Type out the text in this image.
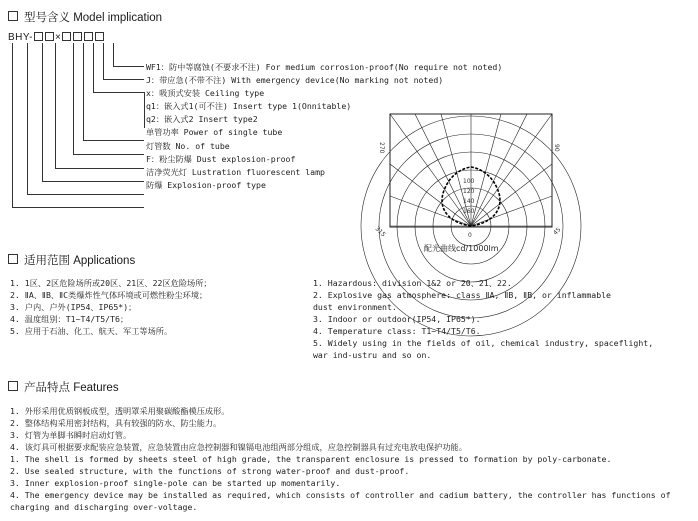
型号含义 Model implication
BHY- ×
WF1：防中等腐蚀(不要求不注) For medium corrosion-proof(No require not noted)
J：带应急(不带不注) With emergency device(No marking not noted)
x：吸顶式安装 Ceiling type
q1：嵌入式1(可不注) Insert type 1(Onnitable)
q2：嵌入式2 Insert type2
单管功率 Power of single tube
灯管数 No. of tube
F：粉尘防爆 Dust explosion-proof
洁净荧光灯 Lustration fluorescent lamp
防爆 Explosion-proof type
160
140
120
100
270	90
315	0	45
配光曲线cd/1000lm
适用范围 Applications
1. 1区、2区危险场所或20区、21区、22区危险场所；
2. ⅡA、ⅡB、ⅡC类爆炸性气体环境或可燃性粉尘环境；
3. 户内、户外(IP54、IP65*)；
4. 温度组别：T1~T4/T5/T6；
5. 应用于石油、化工、航天、军工等场所。
1. Hazardous: division 1&2 or 20、21、22.
2. Explosive gas atmosphere: class ⅡA, ⅡB, ⅡB, or inflammable
dust environment.
3. Indoor or outdoor(IP54, IP65*).
4. Temperature class: T1~T4/T5/T6.
5. Widely using in the fields of oil, chemical industry, spaceflight,
war ind-ustru and so on.
产品特点 Features
1. 外形采用优质钢板成型，透明罩采用聚碳酸酯模压成形。
2. 整体结构采用密封结构，具有较强的防水、防尘能力。
3. 灯管为单脚书瞬时启动灯管。
4. 该灯具可根据要求配装应急装置，应急装置由应急控制器和镍镉电池组两部分组成，应急控制器具有过充电放电保护功能。
1. The shell is formed by sheets steel of high grade, the transparent enclosure is pressed to formation by poly-carbonate.
2. Use sealed structure, with the functions of strong water-proof and dust-proof.
3. Inner explosion-proof single-pole can be started up momentarily.
4. The emergency device may be installed as required, which consists of controller and cadium battery, the controller has functions of
charging and discharging over-voltage.
